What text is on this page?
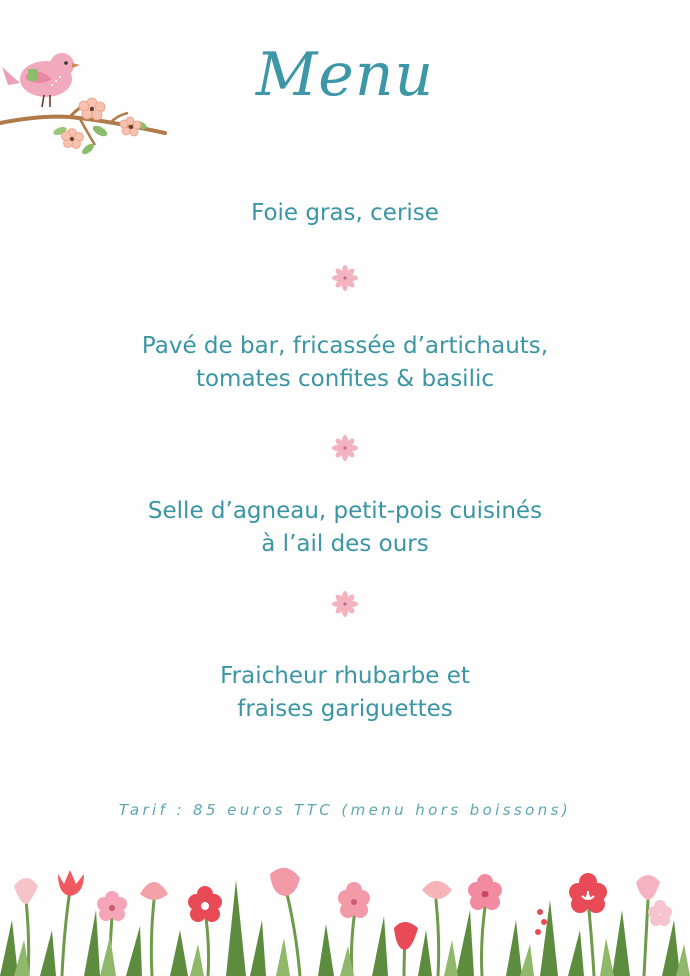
Menu
Foie gras, cerise
Pavé de bar, fricassée d’artichauts,
tomates confites & basilic
Selle d’agneau, petit-pois cuisinés
à l’ail des ours
Fraicheur rhubarbe et
fraises gariguettes
Tarif : 85 euros TTC (menu hors boissons)
